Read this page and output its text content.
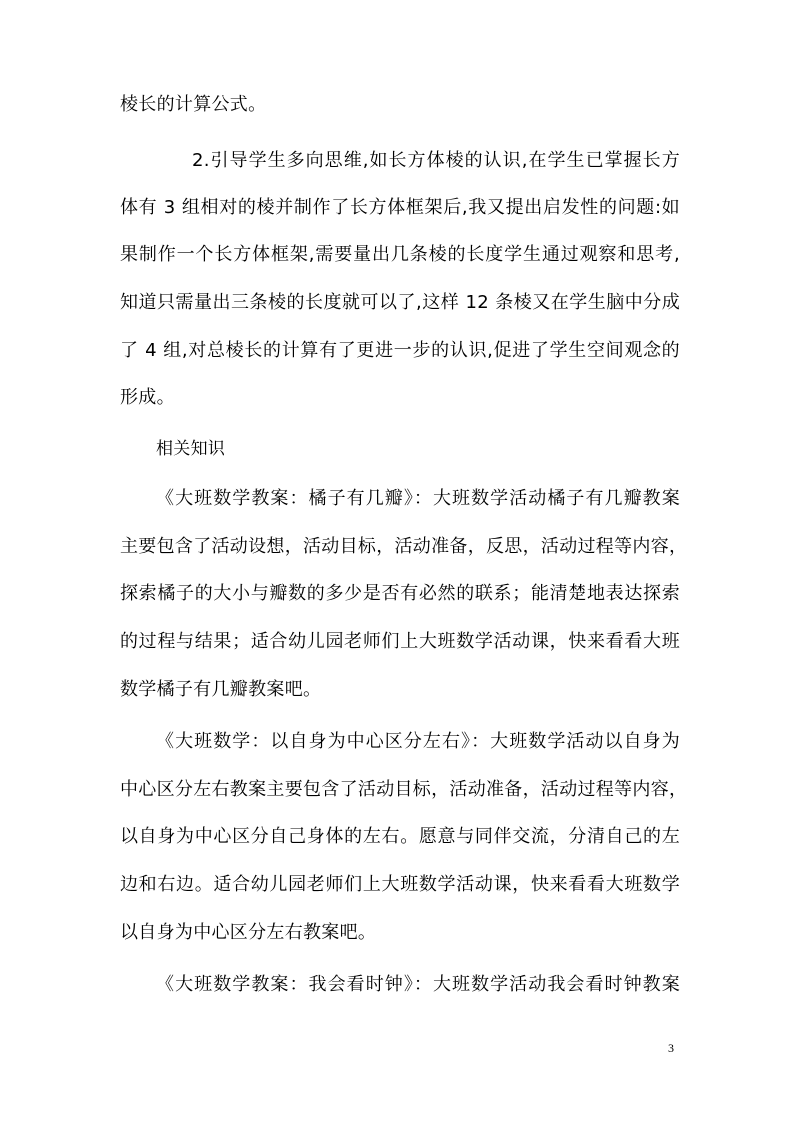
棱长的计算公式。
2.引导学生多向思维,如长方体棱的认识,在学生已掌握长方
体有 3 组相对的棱并制作了长方体框架后,我又提出启发性的问题:如
果制作一个长方体框架,需要量出几条棱的长度学生通过观察和思考,
知道只需量出三条棱的长度就可以了,这样 12 条棱又在学生脑中分成
了 4 组,对总棱长的计算有了更进一步的认识,促进了学生空间观念的
形成。
相关知识
《大班数学教案：橘子有几瓣》：大班数学活动橘子有几瓣教案
主要包含了活动设想，活动目标，活动准备，反思，活动过程等内容，
探索橘子的大小与瓣数的多少是否有必然的联系；能清楚地表达探索
的过程与结果；适合幼儿园老师们上大班数学活动课，快来看看大班
数学橘子有几瓣教案吧。
《大班数学：以自身为中心区分左右》：大班数学活动以自身为
中心区分左右教案主要包含了活动目标，活动准备，活动过程等内容，
以自身为中心区分自己身体的左右。愿意与同伴交流，分清自己的左
边和右边。适合幼儿园老师们上大班数学活动课，快来看看大班数学
以自身为中心区分左右教案吧。
《大班数学教案：我会看时钟》：大班数学活动我会看时钟教案
3
